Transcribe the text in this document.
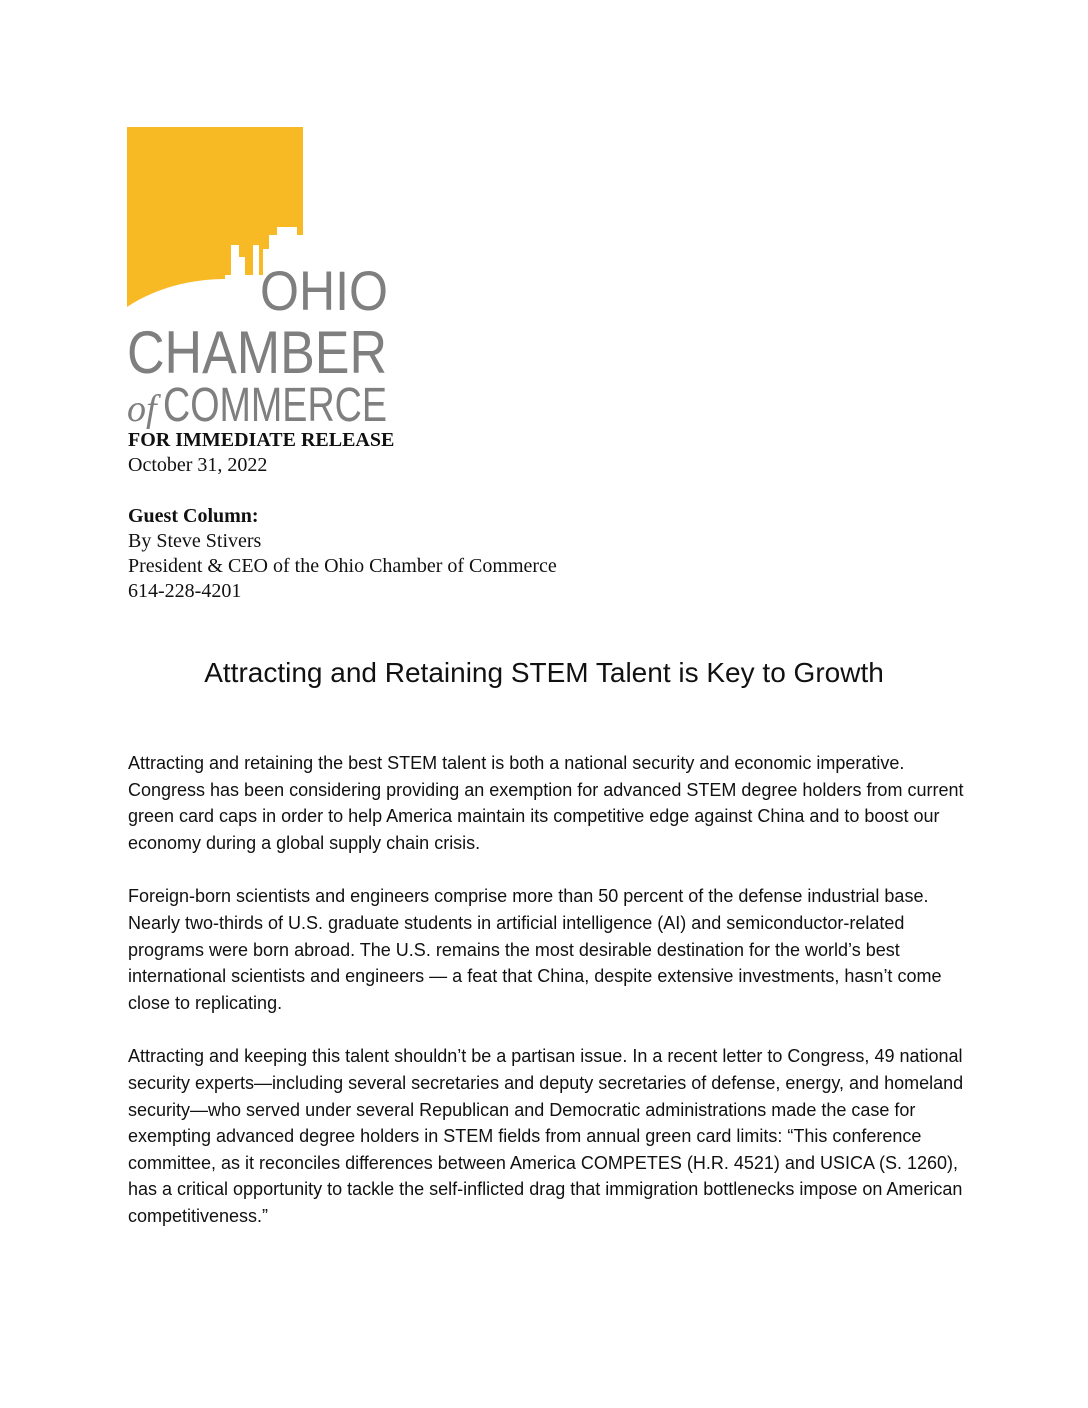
OHIO
CHAMBER
of COMMERCE
FOR IMMEDIATE RELEASE
October 31, 2022
Guest Column:
By Steve Stivers
President & CEO of the Ohio Chamber of Commerce
614-228-4201
Attracting and Retaining STEM Talent is Key to Growth

Attracting and retaining the best STEM talent is both a national security and economic imperative. Congress has been considering providing an exemption for advanced STEM degree holders from current green card caps in order to help America maintain its competitive edge against China and to boost our economy during a global supply chain crisis.

Foreign-born scientists and engineers comprise more than 50 percent of the defense industrial base. Nearly two-thirds of U.S. graduate students in artificial intelligence (AI) and semiconductor-related programs were born abroad. The U.S. remains the most desirable destination for the world’s best international scientists and engineers — a feat that China, despite extensive investments, hasn’t come close to replicating.

Attracting and keeping this talent shouldn’t be a partisan issue. In a recent letter to Congress, 49 national security experts—including several secretaries and deputy secretaries of defense, energy, and homeland security—who served under several Republican and Democratic administrations made the case for exempting advanced degree holders in STEM fields from annual green card limits: “This conference committee, as it reconciles differences between America COMPETES (H.R. 4521) and USICA (S. 1260), has a critical opportunity to tackle the self-inflicted drag that immigration bottlenecks impose on American competitiveness.”
